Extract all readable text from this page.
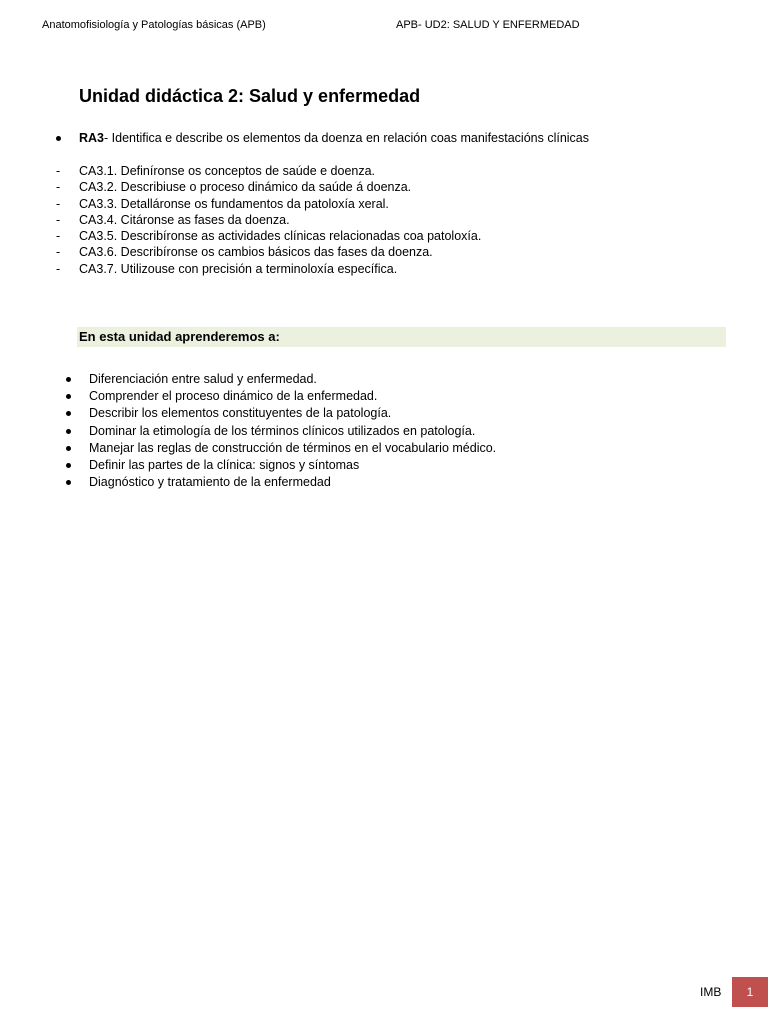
Anatomofisiología y Patologías básicas (APB)	APB- UD2: SALUD Y ENFERMEDAD
Unidad didáctica 2: Salud y enfermedad
RA3 - Identifica e describe os elementos da doenza en relación coas manifestacións clínicas
-	CA3.1. Definíronse os conceptos de saúde e doenza.
-	CA3.2. Describiuse o proceso dinámico da saúde á doenza.
-	CA3.3. Detalláronse os fundamentos da patoloxía xeral.
-	CA3.4. Citáronse as fases da doenza.
-	CA3.5. Describíronse as actividades clínicas relacionadas coa patoloxía.
-	CA3.6. Describíronse os cambios básicos das fases da doenza.
-	CA3.7. Utilizouse con precisión a terminoloxía específica.
En esta unidad aprenderemos a:
Diferenciación entre salud y enfermedad.
Comprender el proceso dinámico de la enfermedad.
Describir los elementos constituyentes de la patología.
Dominar la etimología de los términos clínicos utilizados en patología.
Manejar las reglas de construcción de términos en el vocabulario médico.
Definir las partes de la clínica: signos y síntomas
Diagnóstico y tratamiento de la enfermedad
IMB	1
